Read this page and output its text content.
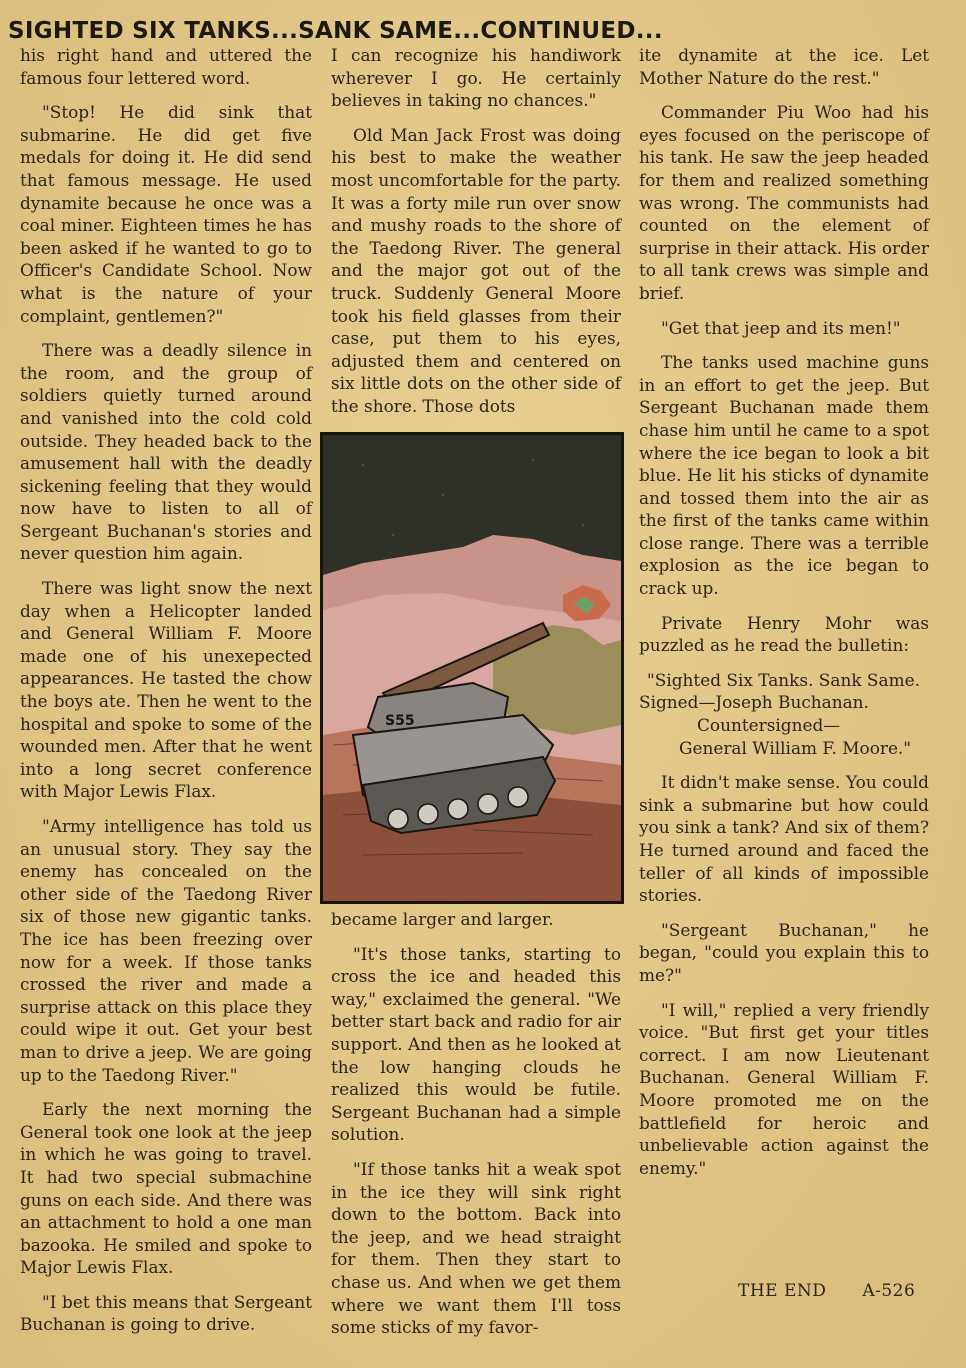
SIGHTED SIX TANKS...SANK SAME...CONTINUED...

his right hand and uttered the famous four lettered word.

"Stop! He did sink that submarine. He did get five medals for doing it. He did send that famous message. He used dynamite because he once was a coal miner. Eighteen times he has been asked if he wanted to go to Officer's Candidate School. Now what is the nature of your complaint, gentlemen?"

There was a deadly silence in the room, and the group of soldiers quietly turned around and vanished into the cold cold outside. They headed back to the amusement hall with the deadly sickening feeling that they would now have to listen to all of Sergeant Buchanan's stories and never question him again.

There was light snow the next day when a Helicopter landed and General William F. Moore made one of his unexepected appearances. He tasted the chow the boys ate. Then he went to the hospital and spoke to some of the wounded men. After that he went into a long secret conference with Major Lewis Flax.

"Army intelligence has told us an unusual story. They say the enemy has concealed on the other side of the Taedong River six of those new gigantic tanks. The ice has been freezing over now for a week. If those tanks crossed the river and made a surprise attack on this place they could wipe it out. Get your best man to drive a jeep. We are going up to the Taedong River."

Early the next morning the General took one look at the jeep in which he was going to travel. It had two special submachine guns on each side. And there was an attachment to hold a one man bazooka. He smiled and spoke to Major Lewis Flax.

"I bet this means that Sergeant Buchanan is going to drive.

I can recognize his handiwork wherever I go. He certainly believes in taking no chances."

Old Man Jack Frost was doing his best to make the weather most uncomfortable for the party. It was a forty mile run over snow and mushy roads to the shore of the Taedong River. The general and the major got out of the truck. Suddenly General Moore took his field glasses from their case, put them to his eyes, adjusted them and centered on six little dots on the other side of the shore. Those dots

S55

became larger and larger.

"It's those tanks, starting to cross the ice and headed this way," exclaimed the general. "We better start back and radio for air support. And then as he looked at the low hanging clouds he realized this would be futile. Sergeant Buchanan had a simple solution.

"If those tanks hit a weak spot in the ice they will sink right down to the bottom. Back into the jeep, and we head straight for them. Then they start to chase us. And when we get them where we want them I'll toss some sticks of my favor-

ite dynamite at the ice. Let Mother Nature do the rest."

Commander Piu Woo had his eyes focused on the periscope of his tank. He saw the jeep headed for them and realized something was wrong. The communists had counted on the element of surprise in their attack. His order to all tank crews was simple and brief.

"Get that jeep and its men!"

The tanks used machine guns in an effort to get the jeep. But Sergeant Buchanan made them chase him until he came to a spot where the ice began to look a bit blue. He lit his sticks of dynamite and tossed them into the air as the first of the tanks came within close range. There was a terrible explosion as the ice began to crack up.

Private Henry Mohr was puzzled as he read the bulletin:

"Sighted Six Tanks. Sank Same.
Signed—Joseph Buchanan.
Countersigned—
General William F. Moore."

It didn't make sense. You could sink a submarine but how could you sink a tank? And six of them? He turned around and faced the teller of all kinds of impossible stories.

"Sergeant Buchanan," he began, "could you explain this to me?"

"I will," replied a very friendly voice. "But first get your titles correct. I am now Lieutenant Buchanan. General William F. Moore promoted me on the battlefield for heroic and unbelievable action against the enemy."

THE END A-526
